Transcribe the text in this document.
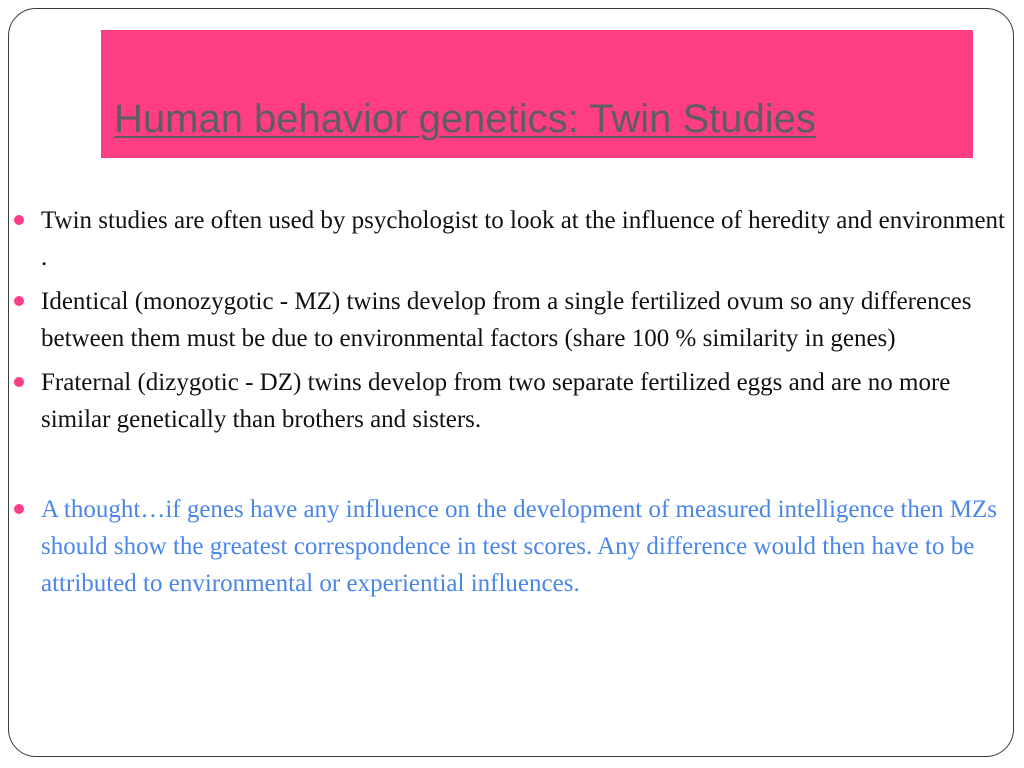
Human behavior genetics: Twin Studies
Twin studies are often used by psychologist to look at the influence of heredity and environment .
Identical (monozygotic - MZ) twins develop from a single fertilized ovum so any differences between them must be due to environmental factors (share 100 % similarity in genes)
Fraternal (dizygotic - DZ) twins develop from two separate fertilized eggs and are no more similar genetically than brothers and sisters.
A thought…if genes have any influence on the development of measured intelligence then MZs should show the greatest correspondence in test scores. Any difference would then have to be attributed to environmental or experiential influences.
